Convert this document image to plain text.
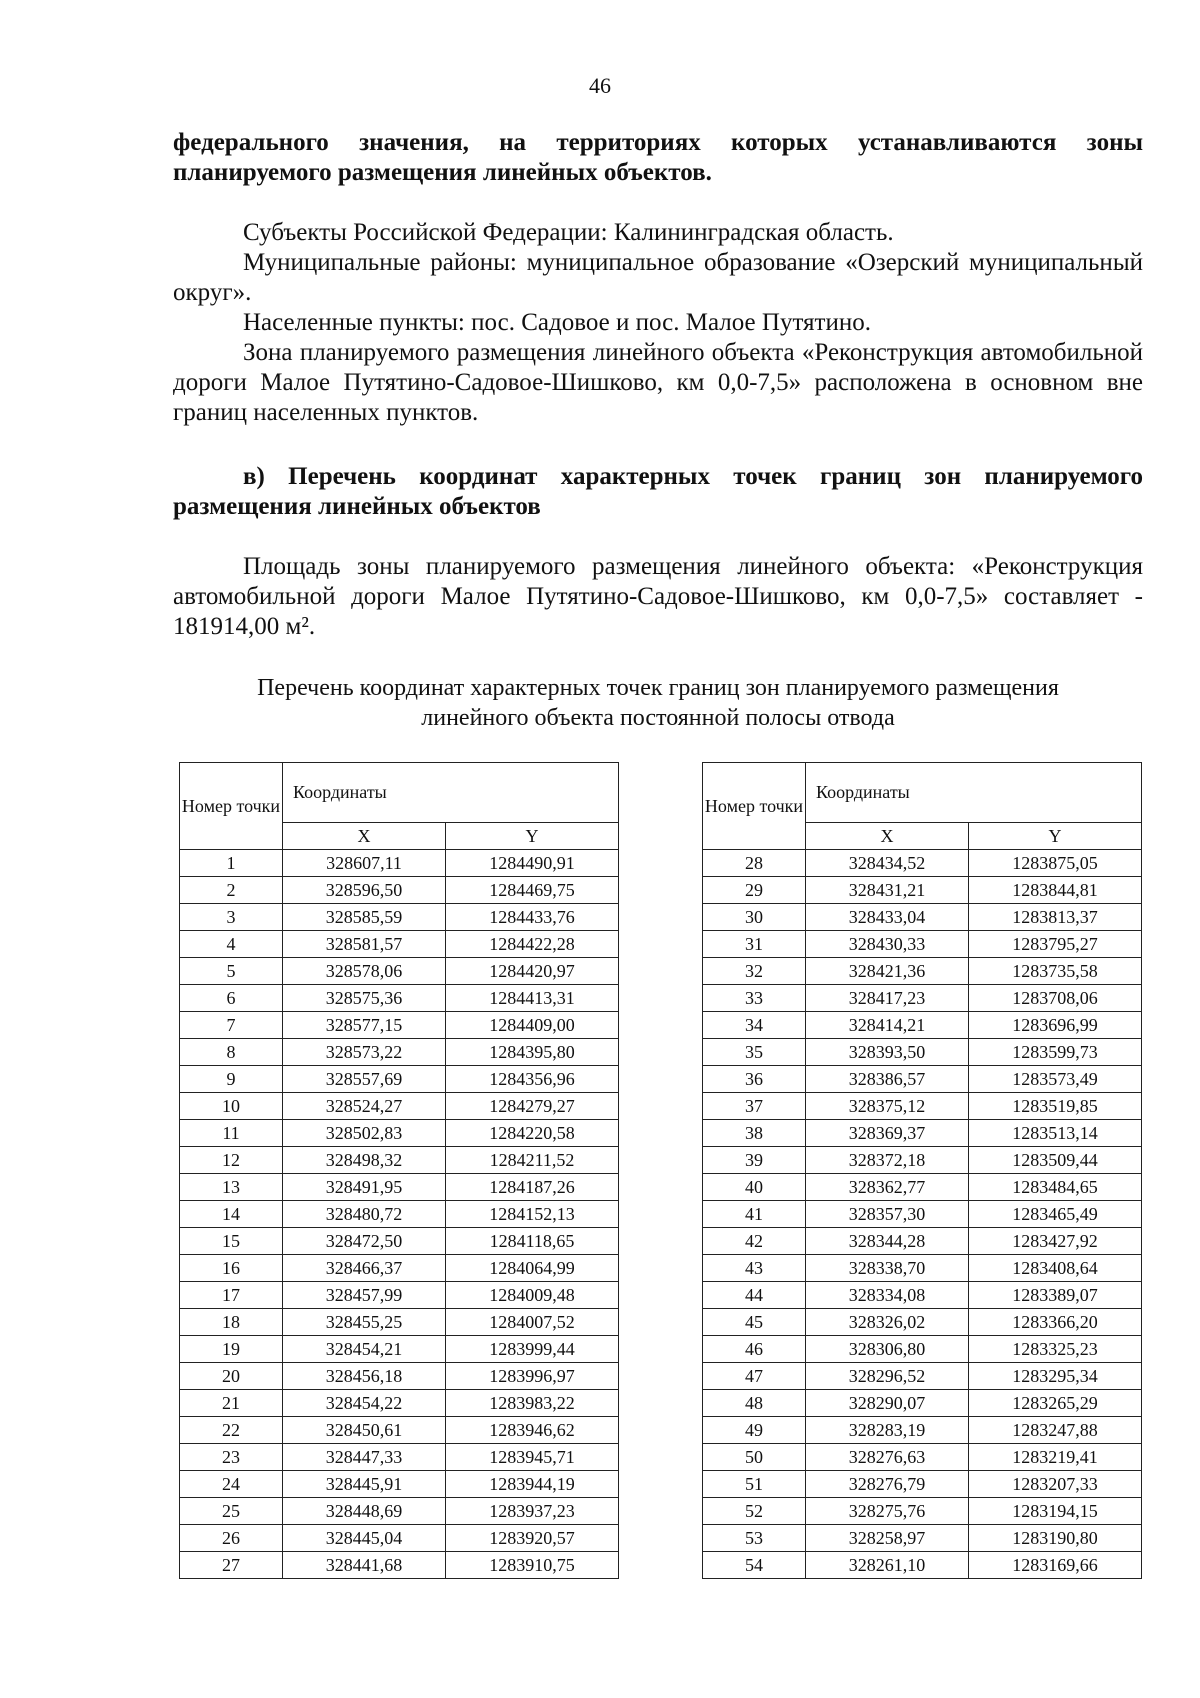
46
федерального значения, на территориях которых устанавливаются зоны планируемого размещения линейных объектов.

Субъекты Российской Федерации: Калининградская область.

Муниципальные районы: муниципальное образование «Озерский муниципальный округ».

Населенные пункты: пос. Садовое и пос. Малое Путятино.

Зона планируемого размещения линейного объекта «Реконструкция автомобильной дороги Малое Путятино-Садовое-Шишково, км 0,0-7,5» расположена в основном вне границ населенных пунктов.

в) Перечень координат характерных точек границ зон планируемого размещения линейных объектов
Площадь зоны планируемого размещения линейного объекта: «Реконструкция автомобильной дороги Малое Путятино-Садовое-Шишково, км 0,0-7,5» составляет - 181914,00 м².
Перечень координат характерных точек границ зон планируемого размещения
линейного объекта постоянной полосы отвода
Номер точки	Координаты	
	X	Y
1	328607,11	1284490,91
2	328596,50	1284469,75
3	328585,59	1284433,76
4	328581,57	1284422,28
5	328578,06	1284420,97
6	328575,36	1284413,31
7	328577,15	1284409,00
8	328573,22	1284395,80
9	328557,69	1284356,96
10	328524,27	1284279,27
11	328502,83	1284220,58
12	328498,32	1284211,52
13	328491,95	1284187,26
14	328480,72	1284152,13
15	328472,50	1284118,65
16	328466,37	1284064,99
17	328457,99	1284009,48
18	328455,25	1284007,52
19	328454,21	1283999,44
20	328456,18	1283996,97
21	328454,22	1283983,22
22	328450,61	1283946,62
23	328447,33	1283945,71
24	328445,91	1283944,19
25	328448,69	1283937,23
26	328445,04	1283920,57
27	328441,68	1283910,75
Номер точки	Координаты	
	X	Y
28	328434,52	1283875,05
29	328431,21	1283844,81
30	328433,04	1283813,37
31	328430,33	1283795,27
32	328421,36	1283735,58
33	328417,23	1283708,06
34	328414,21	1283696,99
35	328393,50	1283599,73
36	328386,57	1283573,49
37	328375,12	1283519,85
38	328369,37	1283513,14
39	328372,18	1283509,44
40	328362,77	1283484,65
41	328357,30	1283465,49
42	328344,28	1283427,92
43	328338,70	1283408,64
44	328334,08	1283389,07
45	328326,02	1283366,20
46	328306,80	1283325,23
47	328296,52	1283295,34
48	328290,07	1283265,29
49	328283,19	1283247,88
50	328276,63	1283219,41
51	328276,79	1283207,33
52	328275,76	1283194,15
53	328258,97	1283190,80
54	328261,10	1283169,66
